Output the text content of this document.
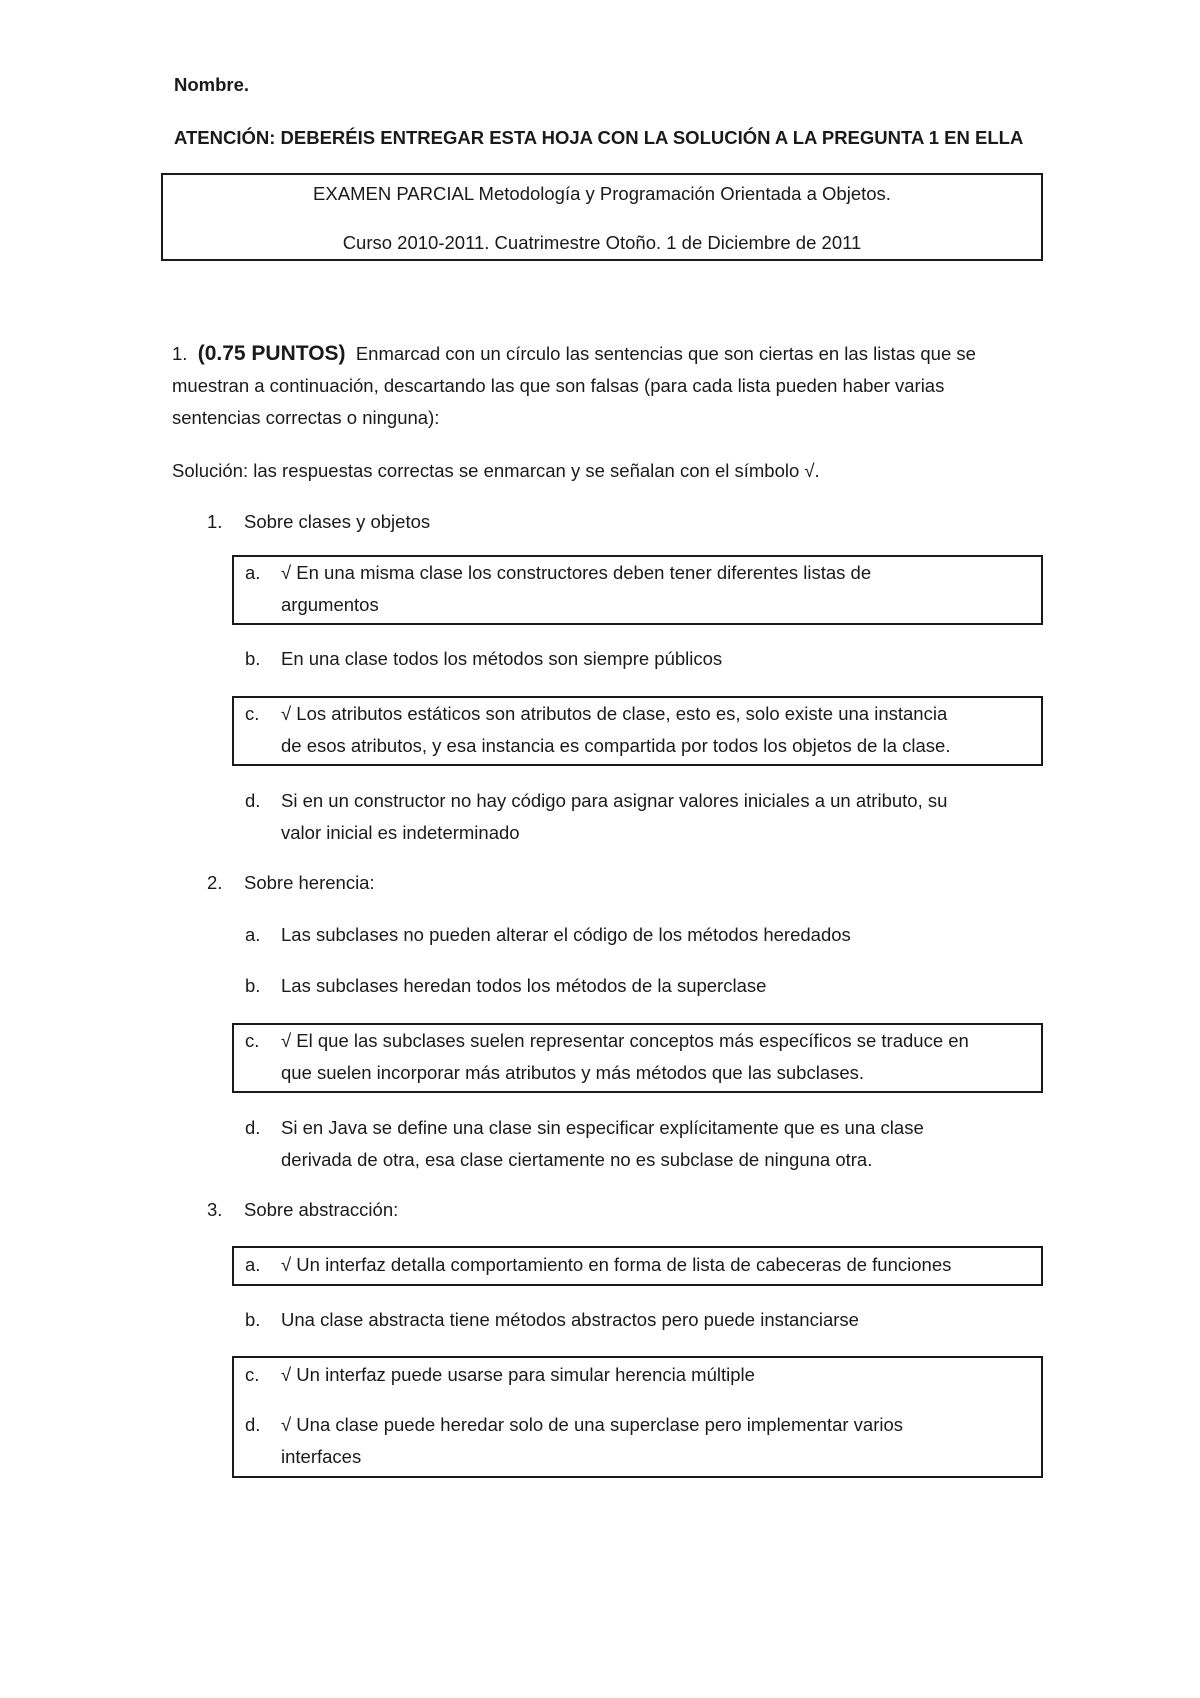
Nombre.
ATENCIÓN: DEBERÉIS ENTREGAR ESTA HOJA CON LA SOLUCIÓN A LA PREGUNTA 1 EN ELLA
EXAMEN PARCIAL Metodología y Programación Orientada a Objetos.
Curso 2010-2011. Cuatrimestre Otoño. 1 de Diciembre de 2011
1. (0.75 PUNTOS) Enmarcad con un círculo las sentencias que son ciertas en las listas que se
muestran a continuación, descartando las que son falsas (para cada lista pueden haber varias
sentencias correctas o ninguna):
Solución: las respuestas correctas se enmarcan y se señalan con el símbolo √.
1. Sobre clases y objetos
a. √ En una misma clase los constructores deben tener diferentes listas de
argumentos
b. En una clase todos los métodos son siempre públicos
c. √ Los atributos estáticos son atributos de clase, esto es, solo existe una instancia
de esos atributos, y esa instancia es compartida por todos los objetos de la clase.
d. Si en un constructor no hay código para asignar valores iniciales a un atributo, su
valor inicial es indeterminado
2. Sobre herencia:
a. Las subclases no pueden alterar el código de los métodos heredados
b. Las subclases heredan todos los métodos de la superclase
c. √ El que las subclases suelen representar conceptos más específicos se traduce en
que suelen incorporar más atributos y más métodos que las subclases.
d. Si en Java se define una clase sin especificar explícitamente que es una clase
derivada de otra, esa clase ciertamente no es subclase de ninguna otra.
3. Sobre abstracción:
a. √ Un interfaz detalla comportamiento en forma de lista de cabeceras de funciones
b. Una clase abstracta tiene métodos abstractos pero puede instanciarse
c. √ Un interfaz puede usarse para simular herencia múltiple
d. √ Una clase puede heredar solo de una superclase pero implementar varios
interfaces
